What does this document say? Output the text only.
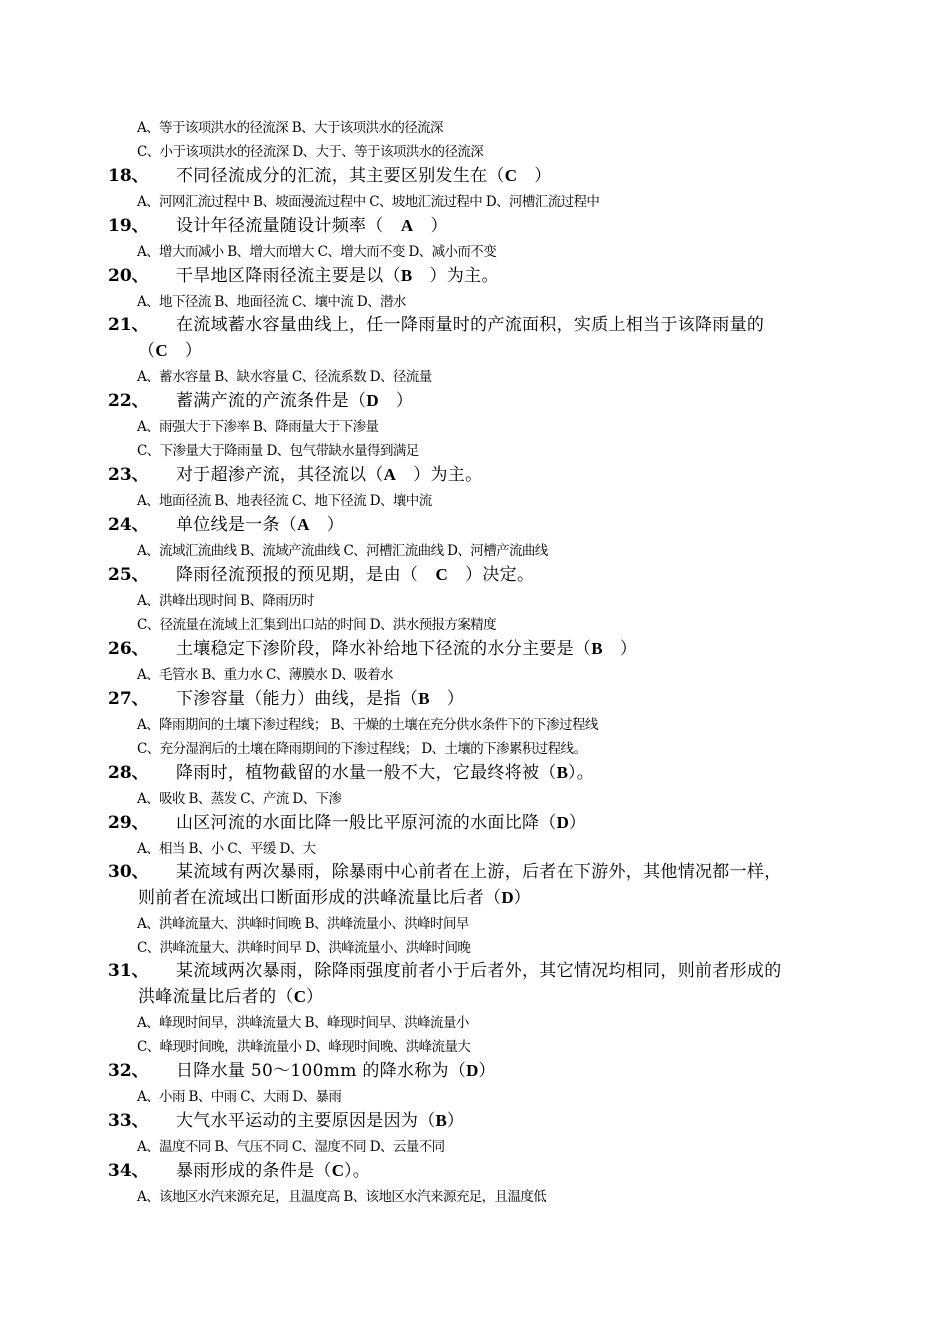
A、等于该项洪水的径流深 B、大于该项洪水的径流深
C、小于该项洪水的径流深 D、大于、等于该项洪水的径流深
18、 不同径流成分的汇流，其主要区别发生在（C　）
A、河网汇流过程中 B、坡面漫流过程中 C、坡地汇流过程中 D、河槽汇流过程中
19、 设计年径流量随设计频率（　A　）
A、增大而减小 B、增大而增大 C、增大而不变 D、减小而不变
20、 干旱地区降雨径流主要是以（B　）为主。
A、地下径流 B、地面径流 C、壤中流 D、潜水
21、 在流域蓄水容量曲线上，任一降雨量时的产流面积，实质上相当于该降雨量的
（C　）
A、蓄水容量 B、缺水容量 C、径流系数 D、径流量
22、 蓄满产流的产流条件是（D　）
A、雨强大于下渗率 B、降雨量大于下渗量
C、下渗量大于降雨量 D、包气带缺水量得到满足
23、 对于超渗产流，其径流以（A　）为主。
A、地面径流 B、地表径流 C、地下径流 D、壤中流
24、 单位线是一条（A　）
A、流域汇流曲线 B、流域产流曲线 C、河槽汇流曲线 D、河槽产流曲线
25、 降雨径流预报的预见期，是由（　C　）决定。
A、洪峰出现时间 B、降雨历时
C、径流量在流域上汇集到出口站的时间 D、洪水预报方案精度
26、 土壤稳定下渗阶段，降水补给地下径流的水分主要是（B　）
A、毛管水 B、重力水 C、薄膜水 D、吸着水
27、 下渗容量（能力）曲线，是指（B　）
A、降雨期间的土壤下渗过程线； B、干燥的土壤在充分供水条件下的下渗过程线
C、充分湿润后的土壤在降雨期间的下渗过程线； D、土壤的下渗累积过程线。
28、 降雨时，植物截留的水量一般不大，它最终将被（B）。
A、吸收 B、蒸发 C、产流 D、下渗
29、 山区河流的水面比降一般比平原河流的水面比降（D）
A、相当 B、小 C、平缓 D、大
30、 某流域有两次暴雨，除暴雨中心前者在上游，后者在下游外，其他情况都一样，
则前者在流域出口断面形成的洪峰流量比后者（D）
A、洪峰流量大、洪峰时间晚 B、洪峰流量小、洪峰时间早
C、洪峰流量大、洪峰时间早 D、洪峰流量小、洪峰时间晚
31、 某流域两次暴雨，除降雨强度前者小于后者外，其它情况均相同，则前者形成的
洪峰流量比后者的（C）
A、峰现时间早，洪峰流量大 B、峰现时间早、洪峰流量小
C、峰现时间晚，洪峰流量小 D、峰现时间晚、洪峰流量大
32、 日降水量 50～100mm 的降水称为（D）
A、小雨 B、中雨 C、大雨 D、暴雨
33、 大气水平运动的主要原因是因为（B）
A、温度不同 B、气压不同 C、湿度不同 D、云量不同
34、 暴雨形成的条件是（C）。
A、该地区水汽来源充足，且温度高 B、该地区水汽来源充足，且温度低
